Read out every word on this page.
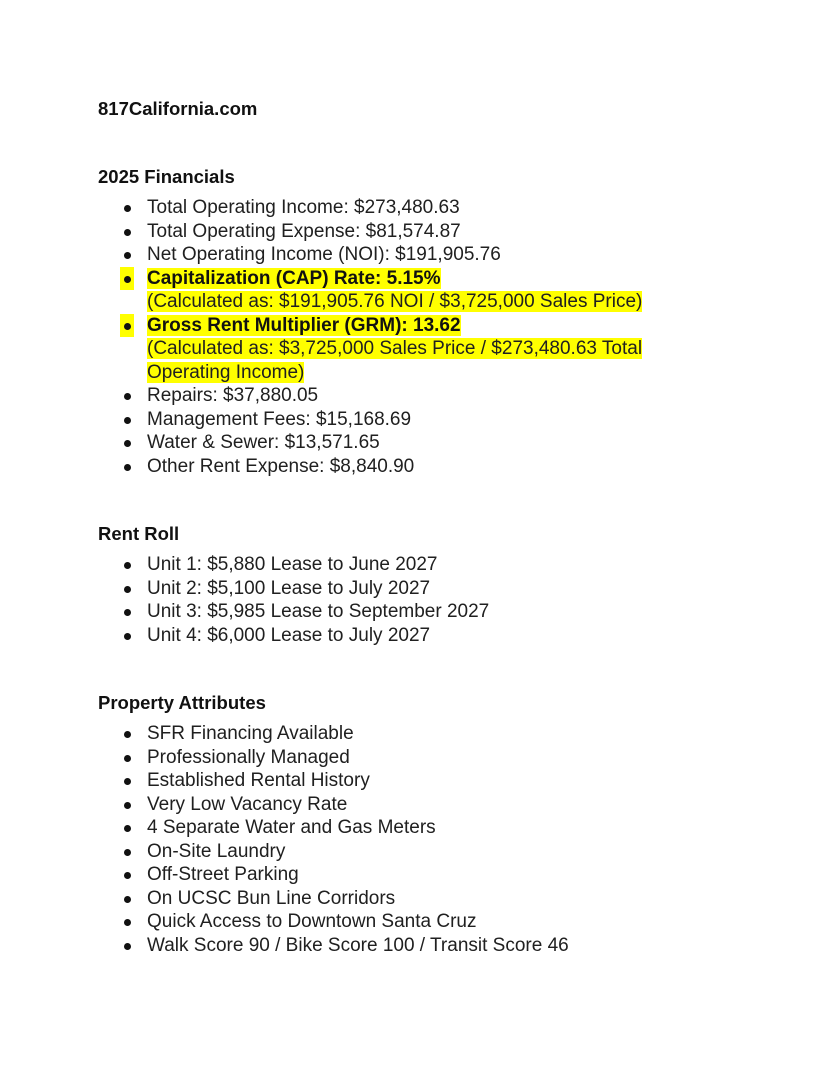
817California.com
2025 Financials
Total Operating Income: $273,480.63
Total Operating Expense: $81,574.87
Net Operating Income (NOI): $191,905.76
Capitalization (CAP) Rate: 5.15%
(Calculated as: $191,905.76 NOI / $3,725,000 Sales Price)
Gross Rent Multiplier (GRM): 13.62
(Calculated as: $3,725,000 Sales Price / $273,480.63 Total
Operating Income)
Repairs: $37,880.05
Management Fees: $15,168.69
Water & Sewer: $13,571.65
Other Rent Expense: $8,840.90
Rent Roll
Unit 1: $5,880 Lease to June 2027
Unit 2: $5,100 Lease to July 2027
Unit 3: $5,985 Lease to September 2027
Unit 4: $6,000 Lease to July 2027
Property Attributes
SFR Financing Available
Professionally Managed
Established Rental History
Very Low Vacancy Rate
4 Separate Water and Gas Meters
On-Site Laundry
Off-Street Parking
On UCSC Bun Line Corridors
Quick Access to Downtown Santa Cruz
Walk Score 90 / Bike Score 100 / Transit Score 46
